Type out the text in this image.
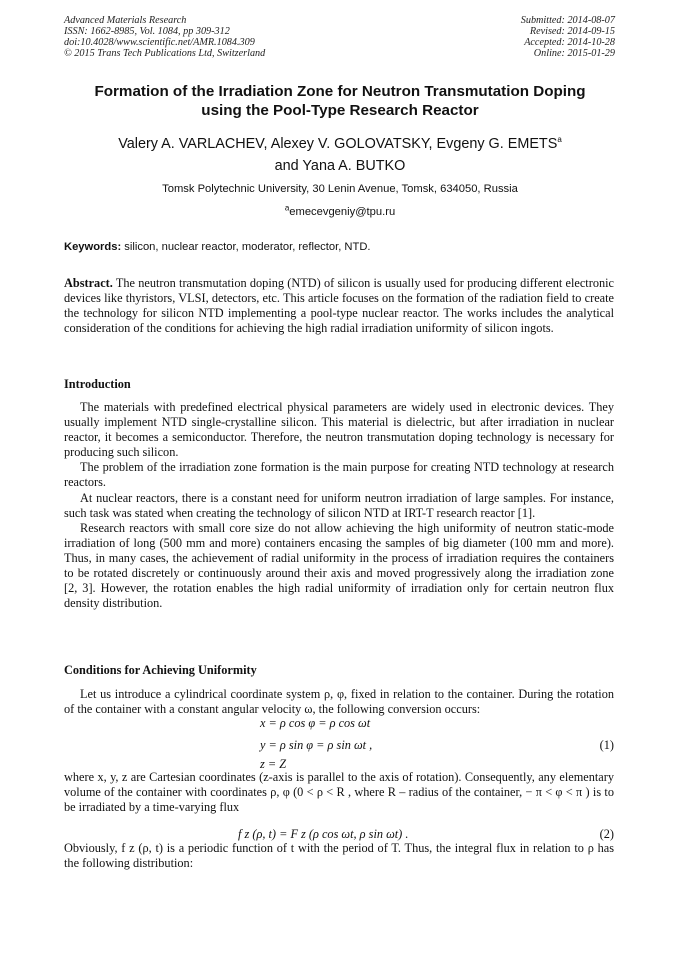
Advanced Materials Research
ISSN: 1662-8985, Vol. 1084, pp 309-312
doi:10.4028/www.scientific.net/AMR.1084.309
© 2015 Trans Tech Publications Ltd, Switzerland
Submitted: 2014-08-07
Revised: 2014-09-15
Accepted: 2014-10-28
Online: 2015-01-29
Formation of the Irradiation Zone for Neutron Transmutation Doping
using the Pool-Type Research Reactor
Valery A. VARLACHEV, Alexey V. GOLOVATSKY, Evgeny G. EMETS$^a$
and Yana A. BUTKO
Tomsk Polytechnic University, 30 Lenin Avenue, Tomsk, 634050, Russia
$^a$emecevgeniy@tpu.ru
Keywords: silicon, nuclear reactor, moderator, reflector, NTD.
Abstract. The neutron transmutation doping (NTD) of silicon is usually used for producing different electronic devices like thyristors, VLSI, detectors, etc. This article focuses on the formation of the radiation field to create the technology for silicon NTD implementing a pool-type nuclear reactor. The works includes the analytical consideration of the conditions for achieving the high radial irradiation uniformity of silicon ingots.
Introduction

The materials with predefined electrical physical parameters are widely used in electronic devices. They usually implement NTD single-crystalline silicon. This material is dielectric, but after irradiation in nuclear reactor, it becomes a semiconductor. Therefore, the neutron transmutation doping technology is necessary for producing such silicon.

The problem of the irradiation zone formation is the main purpose for creating NTD technology at research reactors.

At nuclear reactors, there is a constant need for uniform neutron irradiation of large samples. For instance, such task was stated when creating the technology of silicon NTD at IRT-T research reactor [1].

Research reactors with small core size do not allow achieving the high uniformity of neutron static-mode irradiation of long (500 mm and more) containers encasing the samples of big diameter (100 mm and more). Thus, in many cases, the achievement of radial uniformity in the process of irradiation requires the containers to be rotated discretely or continuously around their axis and moved progressively along the irradiation zone [2, 3]. However, the rotation enables the high radial uniformity of irradiation only for certain neutron flux density distribution.

Conditions for Achieving Uniformity

Let us introduce a cylindrical coordinate system ρ, φ, fixed in relation to the container. During the rotation of the container with a constant angular velocity ω, the following conversion occurs:

x = ρ cos φ = ρ cos ωt
y = ρ sin φ = ρ sin ωt ,	(1)
z = Z

where x, y, z are Cartesian coordinates (z-axis is parallel to the axis of rotation). Consequently, any elementary volume of the container with coordinates ρ, φ (0 < ρ < R , where R – radius of the container, − π < φ < π ) is to be irradiated by a time-varying flux

f z (ρ, t) = F z (ρ cos ωt, ρ sin ωt) .	(2)

Obviously, f z (ρ, t) is a periodic function of t with the period of T. Thus, the integral flux in relation to ρ has the following distribution:
